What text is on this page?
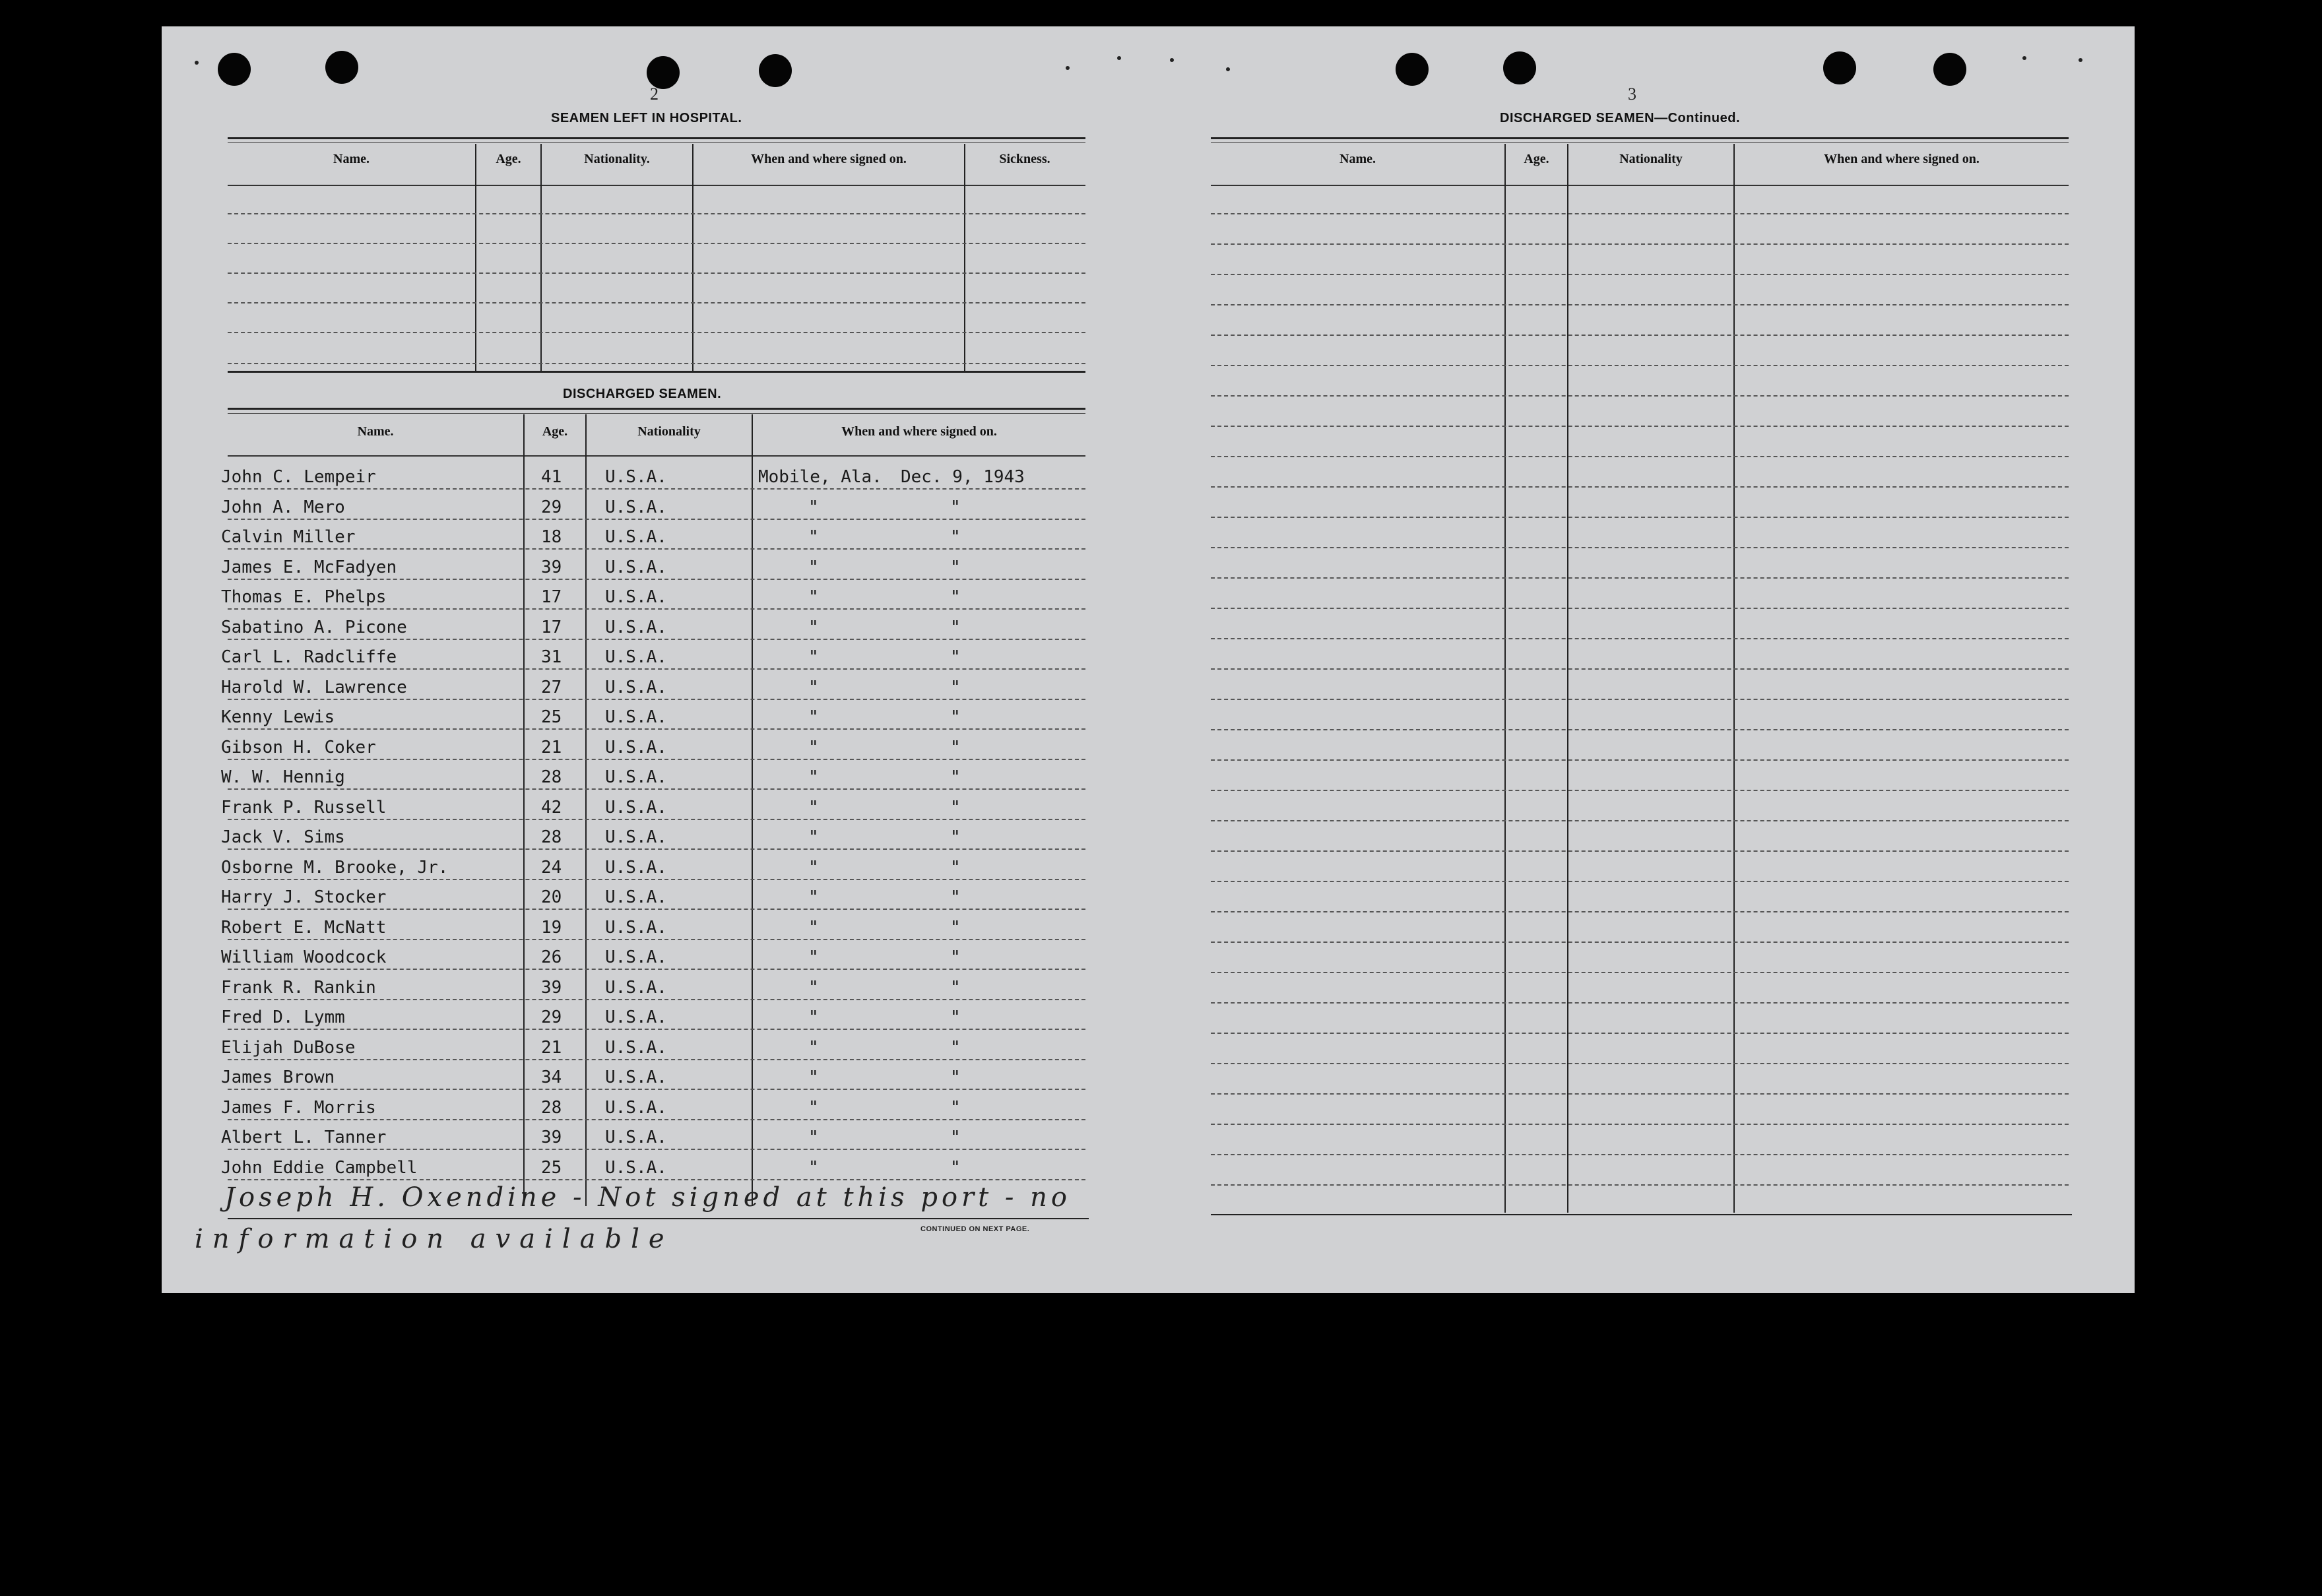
2
SEAMEN LEFT IN HOSPITAL.
Name.	Age.	Nationality.	When and where signed on.	Sickness.
DISCHARGED SEAMEN.
Name.	Age.	Nationality	When and where signed on.
John C. Lempeir	41	U.S.A.	Mobile, Ala. Dec. 9, 1943
John A. Mero	29	U.S.A.	"	"
Calvin Miller	18	U.S.A.	"	"
James E. McFadyen	39	U.S.A.	"	"
Thomas E. Phelps	17	U.S.A.	"	"
Sabatino A. Picone	17	U.S.A.	"	"
Carl L. Radcliffe	31	U.S.A.	"	"
Harold W. Lawrence	27	U.S.A.	"	"
Kenny Lewis	25	U.S.A.	"	"
Gibson H. Coker	21	U.S.A.	"	"
W. W. Hennig	28	U.S.A.	"	"
Frank P. Russell	42	U.S.A.	"	"
Jack V. Sims	28	U.S.A.	"	"
Osborne M. Brooke, Jr.	24	U.S.A.	"	"
Harry J. Stocker	20	U.S.A.	"	"
Robert E. McNatt	19	U.S.A.	"	"
William Woodcock	26	U.S.A.	"	"
Frank R. Rankin	39	U.S.A.	"	"
Fred D. Lymm	29	U.S.A.	"	"
Elijah DuBose	21	U.S.A.	"	"
James Brown	34	U.S.A.	"	"
James F. Morris	28	U.S.A.	"	"
Albert L. Tanner	39	U.S.A.	"	"
John Eddie Campbell	25	U.S.A.	"	"
Joseph H. Oxendine - Not signed at this port - no
information available	CONTINUED ON NEXT PAGE.
3
DISCHARGED SEAMEN—Continued.
Name.	Age.	Nationality	When and where signed on.
